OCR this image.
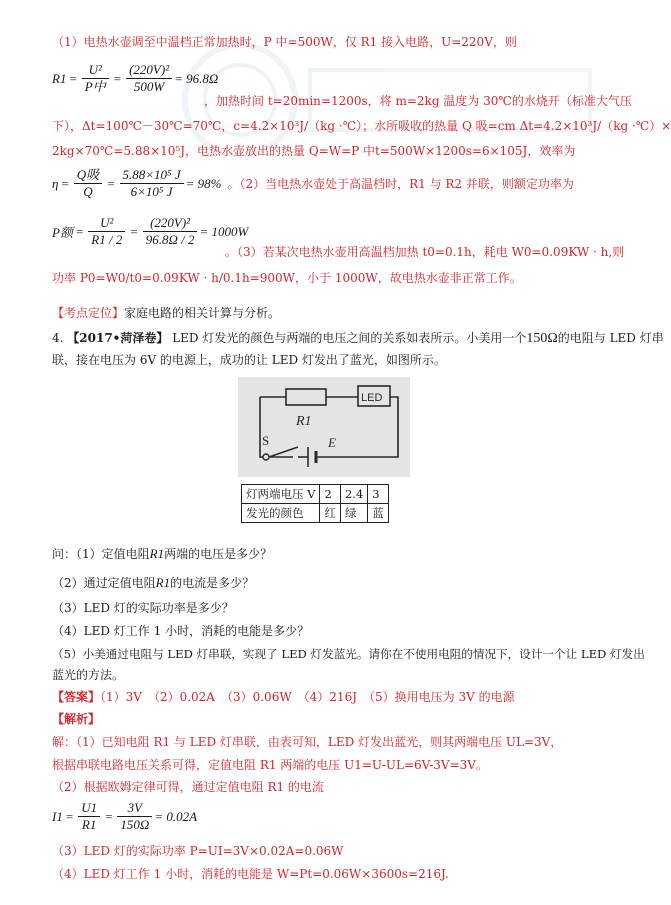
（1）电热水壶调至中温档正常加热时，P 中=500W，仅 R1 接入电路，U=220V，则
$R1 = \frac{\text{U²}}{\text{P中}} = \frac{\text{(220V)²}}{500W} = 96.8\Omega$
，加热时间 t=20min=1200s，将 m=2kg 温度为 30℃的水烧开（标准大气压
下），Δt=100℃－30℃=70℃，c=4.2×10³J/（kg ·℃）；水所吸收的热量 Q 吸=cm Δt=4.2×10³J/（kg ·℃）×
2kg×70℃=5.88×10⁵J，电热水壶放出的热量 Q=W=P 中t=500W×1200s=6×105J，效率为
$\eta = \frac{\text{Q吸}}{Q} = \frac{\text{5.88×10⁵ J}}{\text{6×10⁵ J}} = 98\%$ 。（2）当电热水壶处于高温档时，R1 与 R2 并联，则额定功率为
P额 = $\frac{\text{U²}}{R1 / 2} = \frac{\text{(220V)²}}{96.8\Omega / 2} = 1000W$
。（3）若某次电热水壶用高温档加热 t0=0.1h，耗电 W0=0.09KW · h,则
功率 P0=W0/t0=0.09KW · h/0.1h=900W，小于 1000W，故电热水壶非正常工作。
【考点定位】家庭电路的相关计算与分析。
4. 【2017•菏泽卷】 LED 灯发光的颜色与两端的电压之间的关系如表所示。小美用一个150Ω的电阻与 LED 灯串
联，接在电压为 6V 的电源上，成功的让 LED 灯发出了蓝光，如图所示。
R1
LED
S	E
灯两端电压 V	2	2.4	3
发光的颜色	红	绿	蓝
问：（1）定值电阻R1两端的电压是多少？
（2）通过定值电阻R1的电流是多少？
（3）LED 灯的实际功率是多少？
（4）LED 灯工作 1 小时，消耗的电能是多少？
（5）小美通过电阻与 LED 灯串联，实现了 LED 灯发蓝光。请你在不使用电阻的情况下，设计一个让 LED 灯发出
蓝光的方法。
【答案】（1）3V　（2）0.02A　（3）0.06W　（4）216J　（5）换用电压为 3V 的电源
【解析】
解：（1）已知电阻 R1 与 LED 灯串联，由表可知，LED 灯发出蓝光，则其两端电压 UL=3V，
根据串联电路电压关系可得，定值电阻 R1 两端的电压 U1=U-UL=6V-3V=3V。
（2）根据欧姆定律可得，通过定值电阻 R1 的电流
$I1 = \frac{U1}{R1} = \frac{3V}{150\Omega} = 0.02A$
（3）LED 灯的实际功率 P=UI=3V×0.02A=0.06W
（4）LED 灯工作 1 小时，消耗的电能是 W=Pt=0.06W×3600s=216J.
